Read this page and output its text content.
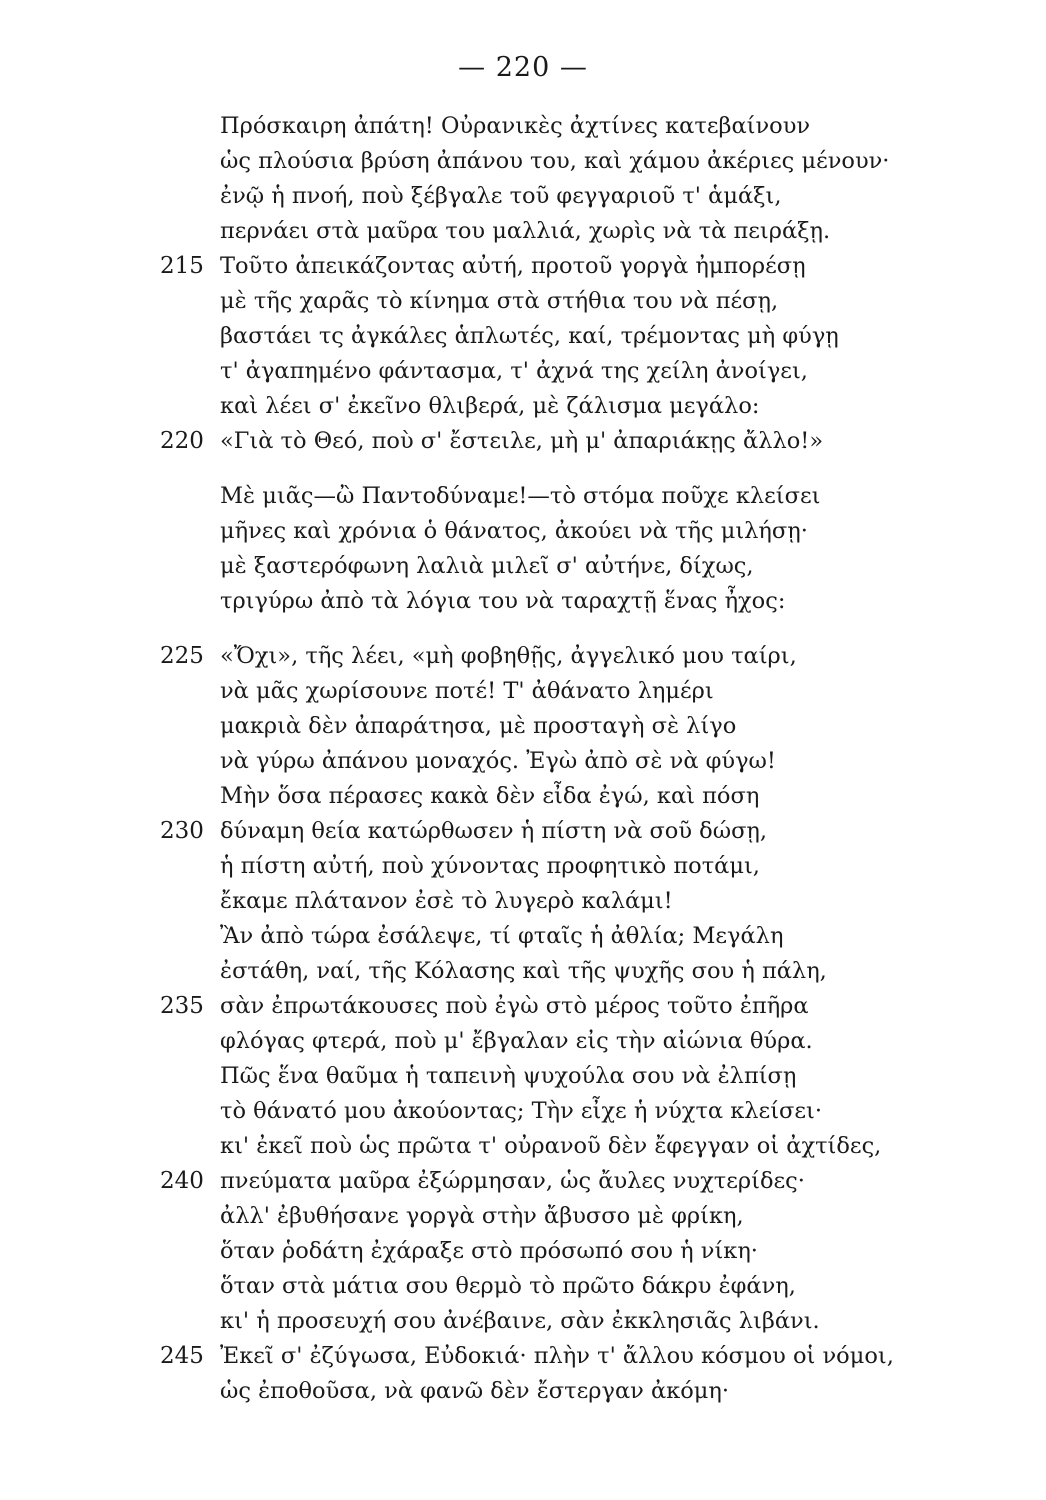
— 220 —
Πρόσκαιρη ἀπάτη! Οὐρανικὲς ἀχτίνες κατεβαίνουν
ὡς πλούσια βρύση ἀπάνου του, καὶ χάμου ἀκέριες μένουν·
ἐνῷ ἡ πνοή, ποὺ ξέβγαλε τοῦ φεγγαριοῦ τ' ἁμάξι,
περνάει στὰ μαῦρα του μαλλιά, χωρὶς νὰ τὰ πειράξῃ.
215 Τοῦτο ἀπεικάζοντας αὐτή, προτοῦ γοργὰ ἠμπορέσῃ
μὲ τῆς χαρᾶς τὸ κίνημα στὰ στήθια του νὰ πέσῃ,
βαστάει τς ἀγκάλες ἁπλωτές, καί, τρέμοντας μὴ φύγῃ
τ' ἀγαπημένο φάντασμα, τ' ἀχνά της χείλη ἀνοίγει,
καὶ λέει σ' ἐκεῖνο θλιβερά, μὲ ζάλισμα μεγάλο:
220 «Γιὰ τὸ Θεό, ποὺ σ' ἔστειλε, μὴ μ' ἀπαριάκῃς ἄλλο!»
Μὲ μιᾶς—ὢ Παντοδύναμε!—τὸ στόμα ποῦχε κλείσει
μῆνες καὶ χρόνια ὁ θάνατος, ἀκούει νὰ τῆς μιλήσῃ·
μὲ ξαστερόφωνη λαλιὰ μιλεῖ σ' αὐτήνε, δίχως,
τριγύρω ἀπὸ τὰ λόγια του νὰ ταραχτῇ ἕνας ἦχος:
225 «Ὄχι», τῆς λέει, «μὴ φοβηθῇς, ἀγγελικό μου ταίρι,
νὰ μᾶς χωρίσουνε ποτέ! Τ' ἀθάνατο λημέρι
μακριὰ δὲν ἀπαράτησα, μὲ προσταγὴ σὲ λίγο
νὰ γύρω ἀπάνου μοναχός. Ἐγὼ ἀπὸ σὲ νὰ φύγω!
Μὴν ὅσα πέρασες κακὰ δὲν εἶδα ἐγώ, καὶ πόση
230 δύναμη θεία κατώρθωσεν ἡ πίστη νὰ σοῦ δώσῃ,
ἡ πίστη αὐτή, ποὺ χύνοντας προφητικὸ ποτάμι,
ἔκαμε πλάτανον ἐσὲ τὸ λυγερὸ καλάμι!
Ἂν ἀπὸ τώρα ἐσάλεψε, τί φταῖς ἡ ἀθλία; Μεγάλη
ἐστάθη, ναί, τῆς Κόλασης καὶ τῆς ψυχῆς σου ἡ πάλη,
235 σὰν ἐπρωτάκουσες ποὺ ἐγὼ στὸ μέρος τοῦτο ἐπῆρα
φλόγας φτερά, ποὺ μ' ἔβγαλαν εἰς τὴν αἰώνια θύρα.
Πῶς ἕνα θαῦμα ἡ ταπεινὴ ψυχούλα σου νὰ ἐλπίσῃ
τὸ θάνατό μου ἀκούοντας; Τὴν εἶχε ἡ νύχτα κλείσει·
κι' ἐκεῖ ποὺ ὡς πρῶτα τ' οὐρανοῦ δὲν ἔφεγγαν οἱ ἀχτίδες,
240 πνεύματα μαῦρα ἐξώρμησαν, ὡς ἄυλες νυχτερίδες·
ἀλλ' ἐβυθήσανε γοργὰ στὴν ἄβυσσο μὲ φρίκη,
ὅταν ῥοδάτη ἐχάραξε στὸ πρόσωπό σου ἡ νίκη·
ὅταν στὰ μάτια σου θερμὸ τὸ πρῶτο δάκρυ ἐφάνη,
κι' ἡ προσευχή σου ἀνέβαινε, σὰν ἐκκλησιᾶς λιβάνι.
245 Ἐκεῖ σ' ἐζύγωσα, Εὐδοκιά· πλὴν τ' ἄλλου κόσμου οἱ νόμοι,
ὡς ἐποθοῦσα, νὰ φανῶ δὲν ἔστεργαν ἀκόμη·
